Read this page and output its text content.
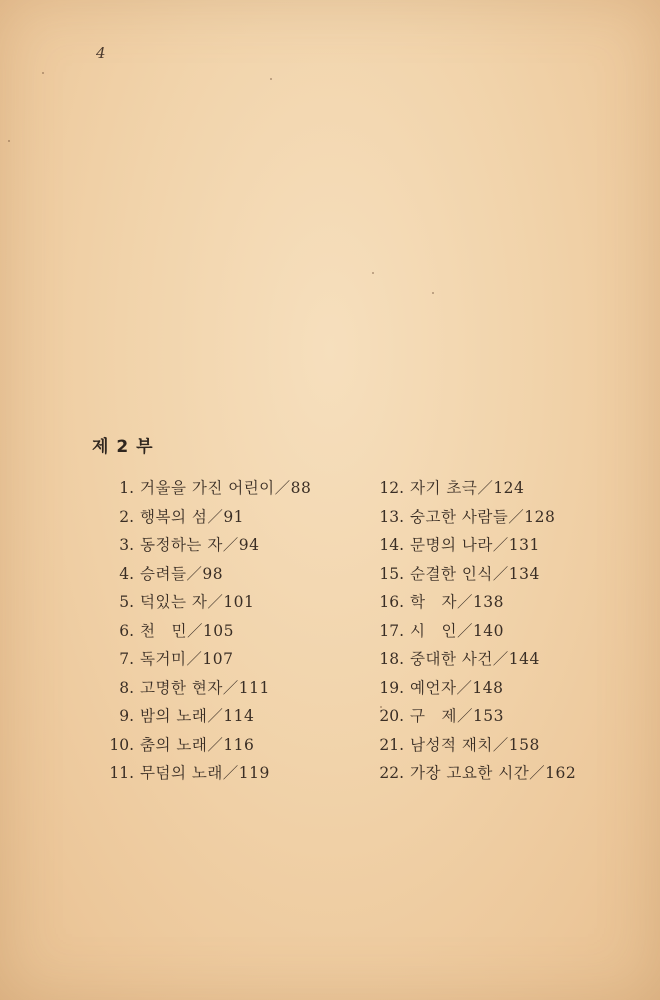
4
제 2 부
1. 거울을 가진 어린이／88
2. 행복의 섬／91
3. 동정하는 자／94
4. 승려들／98
5. 덕있는 자／101
6. 천　민／105
7. 독거미／107
8. 고명한 현자／111
9. 밤의 노래／114
10. 춤의 노래／116
11. 무덤의 노래／119
12. 자기 초극／124
13. 숭고한 사람들／128
14. 문명의 나라／131
15. 순결한 인식／134
16. 학　자／138
17. 시　인／140
18. 중대한 사건／144
19. 예언자／148
20. 구　제／153
21. 남성적 재치／158
22. 가장 고요한 시간／162
